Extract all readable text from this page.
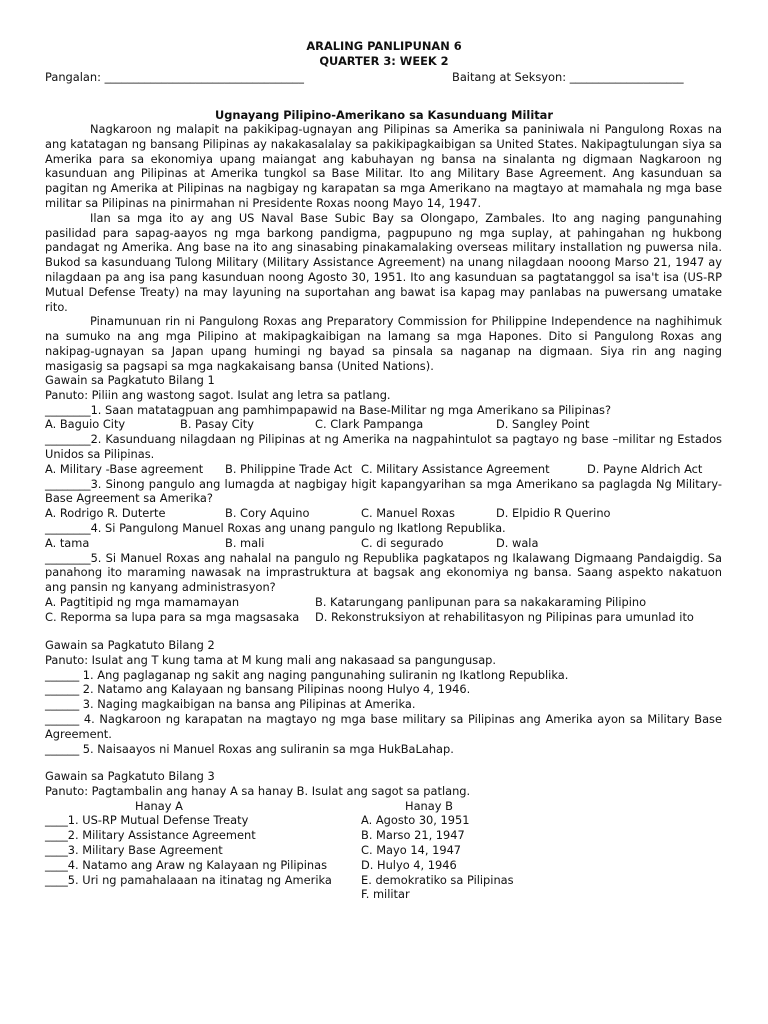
ARALING PANLIPUNAN 6
QUARTER 3: WEEK 2
Pangalan: ___________________________________	Baitang at Seksyon: ____________________
Ugnayang Pilipino-Amerikano sa Kasunduang Militar
Nagkaroon ng malapit na pakikipag-ugnayan ang Pilipinas sa Amerika sa paniniwala ni Pangulong Roxas na ang katatagan ng bansang Pilipinas ay nakakasalalay sa pakikipagkaibigan sa United States. Nakipagtulungan siya sa Amerika para sa ekonomiya upang maiangat ang kabuhayan ng bansa na sinalanta ng digmaan Nagkaroon ng kasunduan ang Pilipinas at Amerika tungkol sa Base Militar. Ito ang Military Base Agreement. Ang kasunduan sa pagitan ng Amerika at Pilipinas na nagbigay ng karapatan sa mga Amerikano na magtayo at mamahala ng mga base militar sa Pilipinas na pinirmahan ni Presidente Roxas noong Mayo 14, 1947.
Ilan sa mga ito ay ang US Naval Base Subic Bay sa Olongapo, Zambales. Ito ang naging pangunahing pasilidad para sapag-aayos ng mga barkong pandigma, pagpupuno ng mga suplay, at pahingahan ng hukbong pandagat ng Amerika. Ang base na ito ang sinasabing pinakamalaking overseas military installation ng puwersa nila. Bukod sa kasunduang Tulong Military (Military Assistance Agreement) na unang nilagdaan nooong Marso 21, 1947 ay nilagdaan pa ang isa pang kasunduan noong Agosto 30, 1951. Ito ang kasunduan sa pagtatanggol sa isa't isa (US-RP Mutual Defense Treaty) na may layuning na suportahan ang bawat isa kapag may panlabas na puwersang umatake rito.
Pinamunuan rin ni Pangulong Roxas ang Preparatory Commission for Philippine Independence na naghihimuk na sumuko na ang mga Pilipino at makipagkaibigan na lamang sa mga Hapones. Dito si Pangulong Roxas ang nakipag-ugnayan sa Japan upang humingi ng bayad sa pinsala sa naganap na digmaan. Siya rin ang naging masigasig sa pagsapi sa mga nagkakaisang bansa (United Nations).
Gawain sa Pagkatuto Bilang 1
Panuto: Piliin ang wastong sagot. Isulat ang letra sa patlang.
________1. Saan matatagpuan ang pamhimpapawid na Base-Militar ng mga Amerikano sa Pilipinas?
A. Baguio City	B. Pasay City	C. Clark Pampanga	D. Sangley Point
________2. Kasunduang nilagdaan ng Pilipinas at ng Amerika na nagpahintulot sa pagtayo ng base –militar ng Estados Unidos sa Pilipinas.
A. Military -Base agreement B. Philippine Trade Act C. Military Assistance Agreement	D. Payne Aldrich Act
________3. Sinong pangulo ang lumagda at nagbigay higit kapangyarihan sa mga Amerikano sa paglagda Ng Military-Base Agreement sa Amerika?
A. Rodrigo R. Duterte	B. Cory Aquino	C. Manuel Roxas	D. Elpidio R Querino
________4. Si Pangulong Manuel Roxas ang unang pangulo ng Ikatlong Republika.
A. tama	B. mali	C. di segurado	D. wala
________5. Si Manuel Roxas ang nahalal na pangulo ng Republika pagkatapos ng Ikalawang Digmaang Pandaigdig. Sa panahong ito maraming nawasak na imprastruktura at bagsak ang ekonomiya ng bansa. Saang aspekto nakatuon ang pansin ng kanyang administrasyon?
A. Pagtitipid ng mga mamamayan	B. Katarungang panlipunan para sa nakakaraming Pilipino
C. Reporma sa lupa para sa mga magsasaka D. Rekonstruksiyon at rehabilitasyon ng Pilipinas para umunlad ito
Gawain sa Pagkatuto Bilang 2
Panuto: Isulat ang T kung tama at M kung mali ang nakasaad sa pangungusap.
______ 1. Ang paglaganap ng sakit ang naging pangunahing suliranin ng Ikatlong Republika.
______ 2. Natamo ang Kalayaan ng bansang Pilipinas noong Hulyo 4, 1946.
______ 3. Naging magkaibigan na bansa ang Pilipinas at Amerika.
______ 4. Nagkaroon ng karapatan na magtayo ng mga base military sa Pilipinas ang Amerika ayon sa Military Base Agreement.
______ 5. Naisaayos ni Manuel Roxas ang suliranin sa mga HukBaLahap.
Gawain sa Pagkatuto Bilang 3
Panuto: Pagtambalin ang hanay A sa hanay B. Isulat ang sagot sa patlang.
Hanay A	Hanay B
____1. US-RP Mutual Defense Treaty	A. Agosto 30, 1951
____2. Military Assistance Agreement	B. Marso 21, 1947
____3. Military Base Agreement	C. Mayo 14, 1947
____4. Natamo ang Araw ng Kalayaan ng Pilipinas	D. Hulyo 4, 1946
____5. Uri ng pamahalaaan na itinatag ng Amerika	E. demokratiko sa Pilipinas
F. militar
